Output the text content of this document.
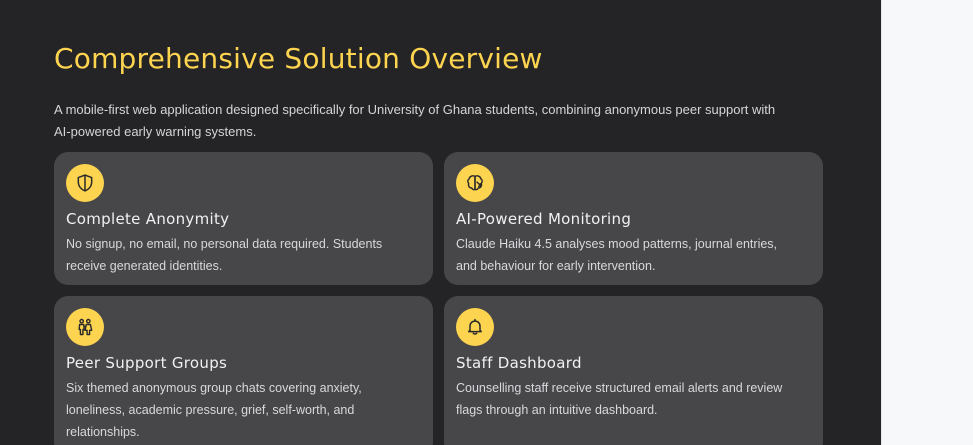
Comprehensive Solution Overview

A mobile-first web application designed specifically for University of Ghana students, combining anonymous peer support with AI-powered early warning systems.

Complete Anonymity

No signup, no email, no personal data required. Students receive generated identities.

AI-Powered Monitoring

Claude Haiku 4.5 analyses mood patterns, journal entries, and behaviour for early intervention.

Peer Support Groups

Six themed anonymous group chats covering anxiety, loneliness, academic pressure, grief, self-worth, and relationships.

Staff Dashboard

Counselling staff receive structured email alerts and review flags through an intuitive dashboard.
